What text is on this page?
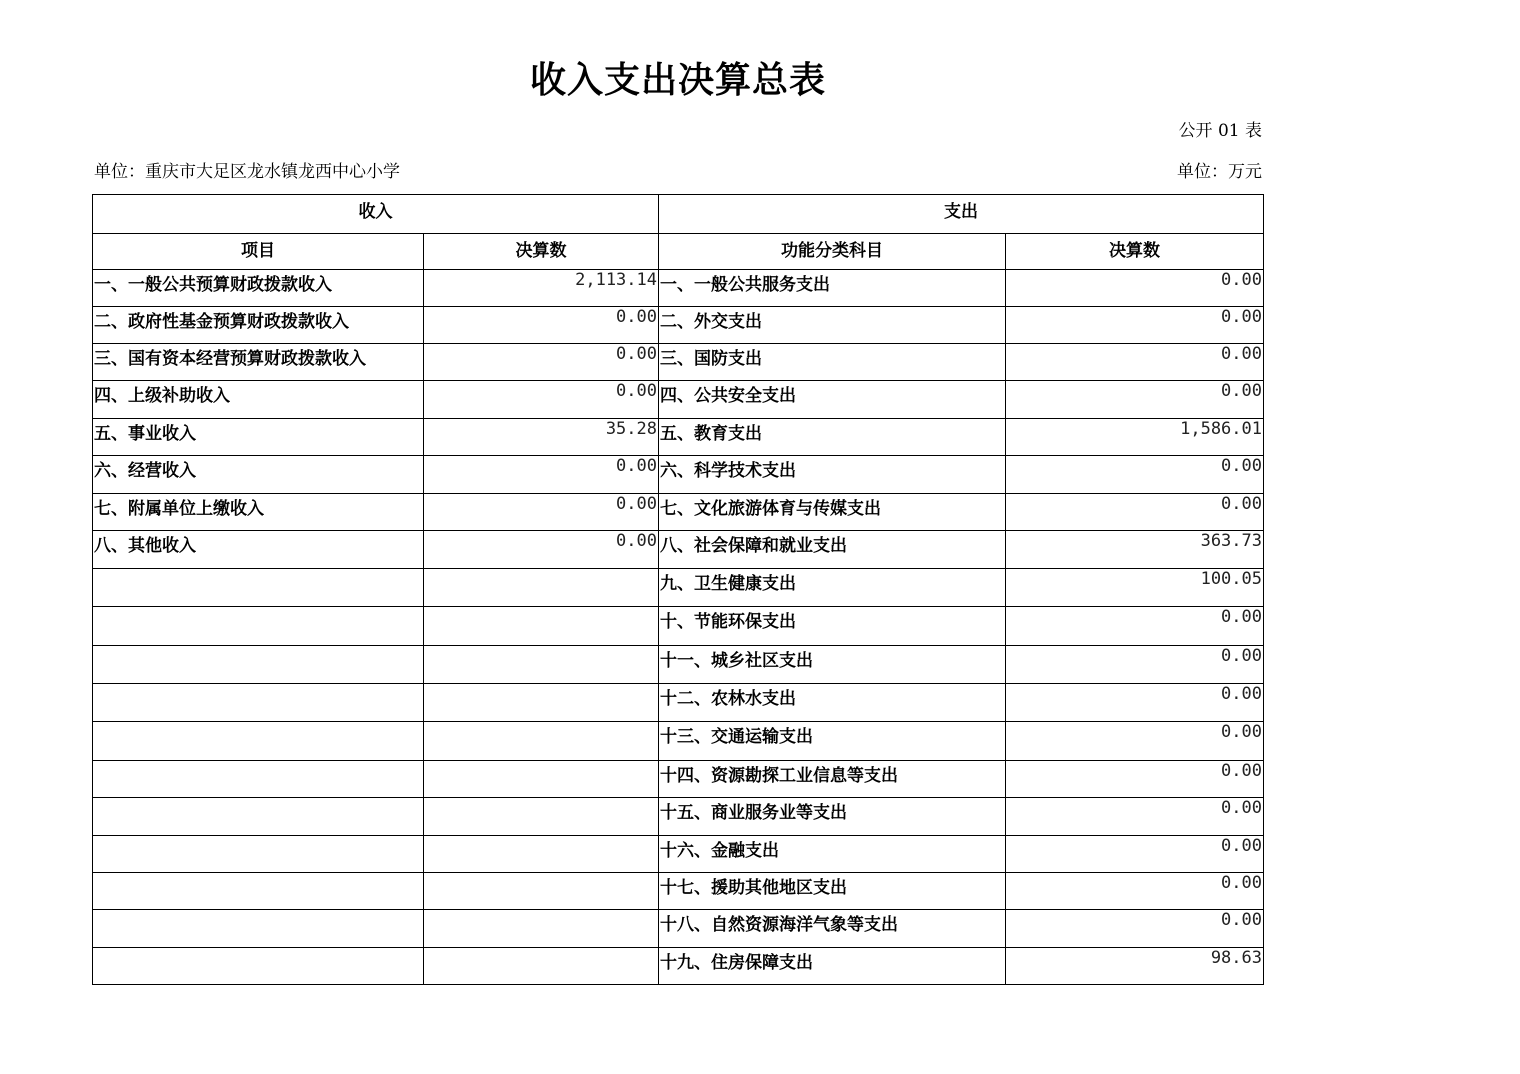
收入支出决算总表
公开 01 表
单位：重庆市大足区龙水镇龙西中心小学	单位：万元
收入		支出	
项目	决算数	功能分类科目	决算数
一、一般公共预算财政拨款收入	2,113.14	一、一般公共服务支出	0.00
二、政府性基金预算财政拨款收入	0.00	二、外交支出	0.00
三、国有资本经营预算财政拨款收入	0.00	三、国防支出	0.00
四、上级补助收入	0.00	四、公共安全支出	0.00
五、事业收入	35.28	五、教育支出	1,586.01
六、经营收入	0.00	六、科学技术支出	0.00
七、附属单位上缴收入	0.00	七、文化旅游体育与传媒支出	0.00
八、其他收入	0.00	八、社会保障和就业支出	363.73
		九、卫生健康支出	100.05
		十、节能环保支出	0.00
		十一、城乡社区支出	0.00
		十二、农林水支出	0.00
		十三、交通运输支出	0.00
		十四、资源勘探工业信息等支出	0.00
		十五、商业服务业等支出	0.00
		十六、金融支出	0.00
		十七、援助其他地区支出	0.00
		十八、自然资源海洋气象等支出	0.00
		十九、住房保障支出	98.63
